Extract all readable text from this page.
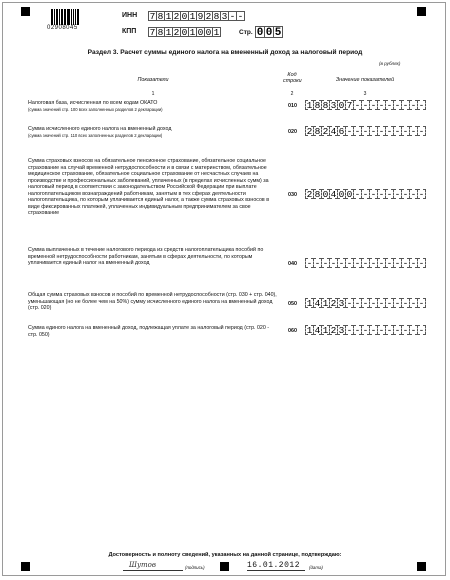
02908045
ИНН 7 8 1 2 0 1 9 2 8 3 - -
КПП 7 8 1 2 0 1 0 0 1	Стр. 0 0 5
Раздел 3. Расчет суммы единого налога на вмененный доход за налоговый период
(в рублях)
Показатели
Код строки	Значение показателей
1	2	3
Налоговая база, исчисленная по всем кодам ОКАТО
(сумма значений стр. 100 всех заполненных разделов 2 декларации)	010 1 8 8 3 0 7 - - - - - - - - -
Сумма исчисленного единого налога на вмененный доход
(сумма значений стр. 110 всех заполненных разделов 2 декларации)	020 2 8 2 4 6 - - - - - - - - - -
Сумма страховых взносов на обязательное пенсионное страхование, обязательное социальное страхование на случай временной нетрудоспособности и в связи с материнством, обязательное медицинское страхование, обязательное социальное страхование от несчастных случаев на производстве и профессиональных заболеваний, уплаченных (в пределах исчисленных сумм) за налоговый период в соответствии с законодательством Российской Федерации при выплате налогоплательщиком вознаграждений работникам, занятым в тех сферах деятельности налогоплательщика, по которым уплачивается единый налог, а также сумма страховых взносов в виде фиксированных платежей, уплаченных индивидуальным предпринимателем за свое страхование
030 2 8 0 4 0 0 - - - - - - - - -
Сумма выплаченных в течение налогового периода из средств налогоплательщика пособий по временной нетрудоспособности работникам, занятым в сферах деятельности, по которым уплачивается единый налог на вмененный доход	040 - - - - - - - - - - - - - - -
Общая сумма страховых взносов и пособий по временной нетрудоспособности (стр. 030 + стр. 040), уменьшающая (но не более чем на 50%) сумму исчисленного единого налога на вмененный доход (стр. 020)
050 1 4 1 2 3 - - - - - - - - - -
Сумма единого налога на вмененный доход, подлежащая уплате за налоговый период (стр. 020 - стр. 050)
060 1 4 1 2 3 - - - - - - - - - -
Достоверность и полноту сведений, указанных на данной странице, подтверждаю:
Шутов	(подпись)	16.01.2012 (дата)
